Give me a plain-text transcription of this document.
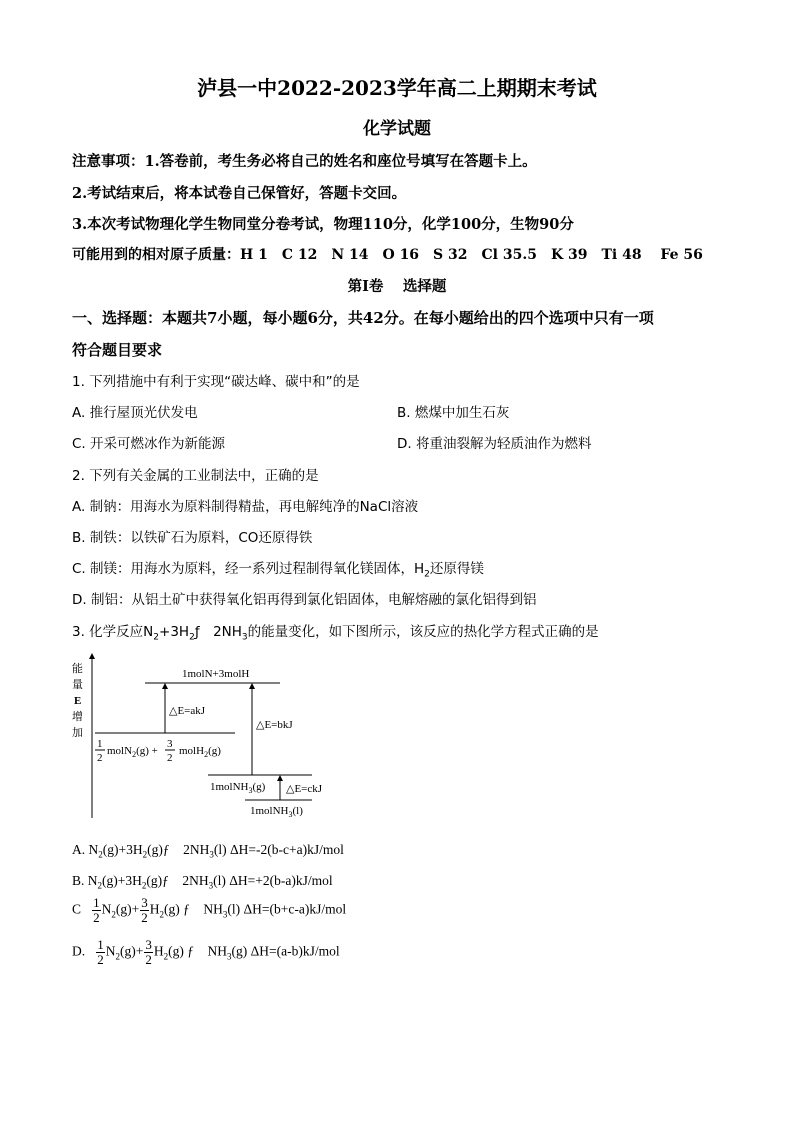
泸县一中2022-2023学年高二上期期末考试
化学试题
注意事项：1.答卷前，考生务必将自己的姓名和座位号填写在答题卡上。
2.考试结束后，将本试卷自己保管好，答题卡交回。
3.本次考试物理化学生物同堂分卷考试，物理110分，化学100分，生物90分
可能用到的相对原子质量：H 1　C 12　N 14　O 16　S 32　Cl 35.5　K 39　Ti 48　 Fe 56
第I卷　 选择题
一、选择题：本题共7小题，每小题6分，共42分。在每小题给出的四个选项中只有一项
符合题目要求
1. 下列措施中有利于实现“碳达峰、碳中和”的是
A. 推行屋顶光伏发电	B. 燃煤中加生石灰
C. 开采可燃冰作为新能源	D. 将重油裂解为轻质油作为燃料
2. 下列有关金属的工业制法中，正确的是
A. 制钠：用海水为原料制得精盐，再电解纯净的NaCl溶液
B. 制铁：以铁矿石为原料，CO还原得铁
C. 制镁：用海水为原料，经一系列过程制得氧化镁固体，$H_2$还原得镁
D. 制铝：从铝土矿中获得氧化铝再得到氯化铝固体，电解熔融的氯化铝得到铝
3. 化学反应$N_2+3H_2ƒ$　$2NH_3$的能量变化，如下图所示，该反应的热化学方程式正确的是
能
量
E
增
加
1molN+3molH
1
2
molN$_2$(g) +
3
2
molH$_2$(g)
△E=akJ
△E=bkJ
1molNH$_3$(g) △E=ckJ
1molNH$_3$(l)
A. $N_2(g)+3H_2(g)ƒ$　$2NH_3(l)$ ΔH=-2(b-c+a)kJ/mol
B. $N_2(g)+3H_2(g)ƒ$　$2NH_3(l)$ ΔH=+2(b-a)kJ/mol
C $\frac{1}{2} N_2(g)+ \frac{3}{2} H_2(g)$ ƒ　$NH_3(l)$ ΔH=(b+c-a)kJ/mol
D. $\frac{1}{2} N_2(g)+ \frac{3}{2} H_2(g)$ ƒ　$NH_3(g)$ ΔH=(a-b)kJ/mol
